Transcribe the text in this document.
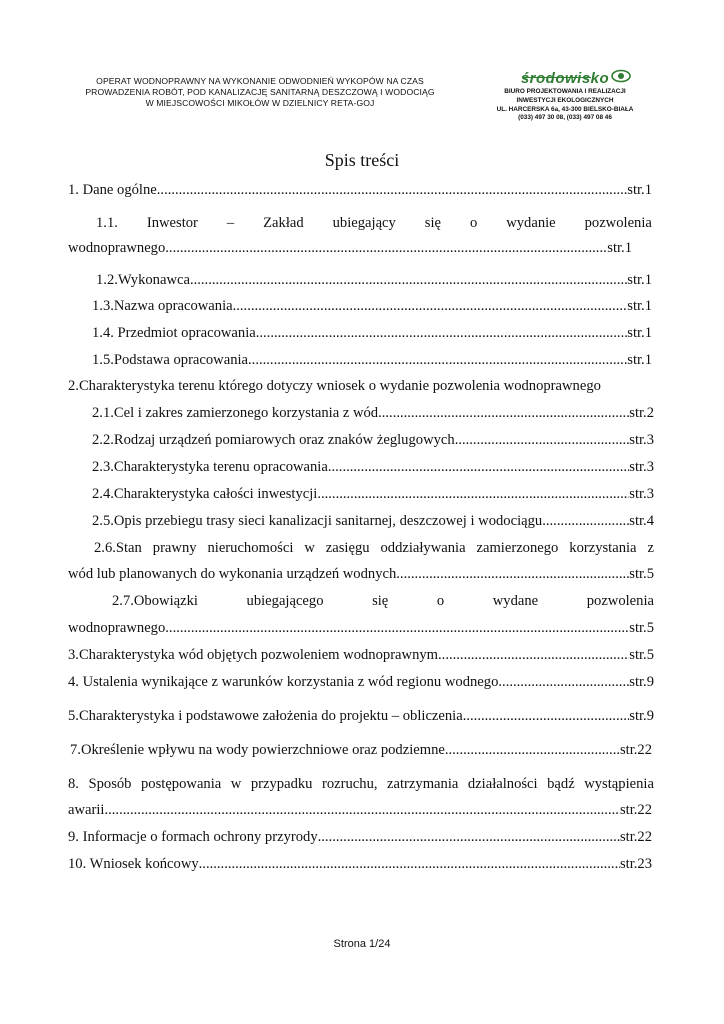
OPERAT WODNOPRAWNY NA WYKONANIE ODWODNIEŃ WYKOPÓW NA CZAS
PROWADZENIA ROBÓT, POD KANALIZACJĘ SANITARNĄ DESZCZOWĄ I WODOCIĄG
W MIEJSCOWOŚCI MIKOŁÓW W DZIELNICY RETA-GOJ
środowisko
BIURO PROJEKTOWANIA I REALIZACJI
INWESTYCJI EKOLOGICZNYCH
UL. HARCERSKA 6a, 43-300 BIELSKO-BIAŁA
(033) 497 30 08, (033) 497 08 46
Spis treści
1. Dane ogólne .....	str.1
1.1. Inwestor – Zakład ubiegający się o wydanie pozwolenia
wodnoprawnego .....	str.1
1.2.Wykonawca .....	str.1
1.3.Nazwa opracowania .....	str.1
1.4. Przedmiot opracowania .....	str.1
1.5.Podstawa opracowania .....	str.1
2.Charakterystyka terenu którego dotyczy wniosek o wydanie pozwolenia wodnoprawnego
2.1.Cel i zakres zamierzonego korzystania z wód .....	str.2
2.2.Rodzaj urządzeń pomiarowych oraz znaków żeglugowych .....	str.3
2.3.Charakterystyka terenu opracowania .....	str.3
2.4.Charakterystyka całości inwestycji .....	str.3
2.5.Opis przebiegu trasy sieci kanalizacji sanitarnej, deszczowej i wodociągu .....	str.4
2.6.Stan prawny nieruchomości w zasięgu oddziaływania zamierzonego korzystania z
wód lub planowanych do wykonania urządzeń wodnych .....	str.5
2.7.Obowiązki	ubiegającego	się	o	wydane	pozwolenia
wodnoprawnego .....	str.5
3.Charakterystyka wód objętych pozwoleniem wodnoprawnym .....	str.5
4. Ustalenia wynikające z warunków korzystania z wód regionu wodnego .....	str.9
5.Charakterystyka i podstawowe założenia do projektu – obliczenia .....	str.9
7.Określenie wpływu na wody powierzchniowe oraz podziemne .....	str.22
8. Sposób postępowania w przypadku rozruchu, zatrzymania działalności bądź wystąpienia
awarii .....	str.22
9. Informacje o formach ochrony przyrody .....	str.22
10. Wniosek końcowy .....	str.23
Strona 1/24
